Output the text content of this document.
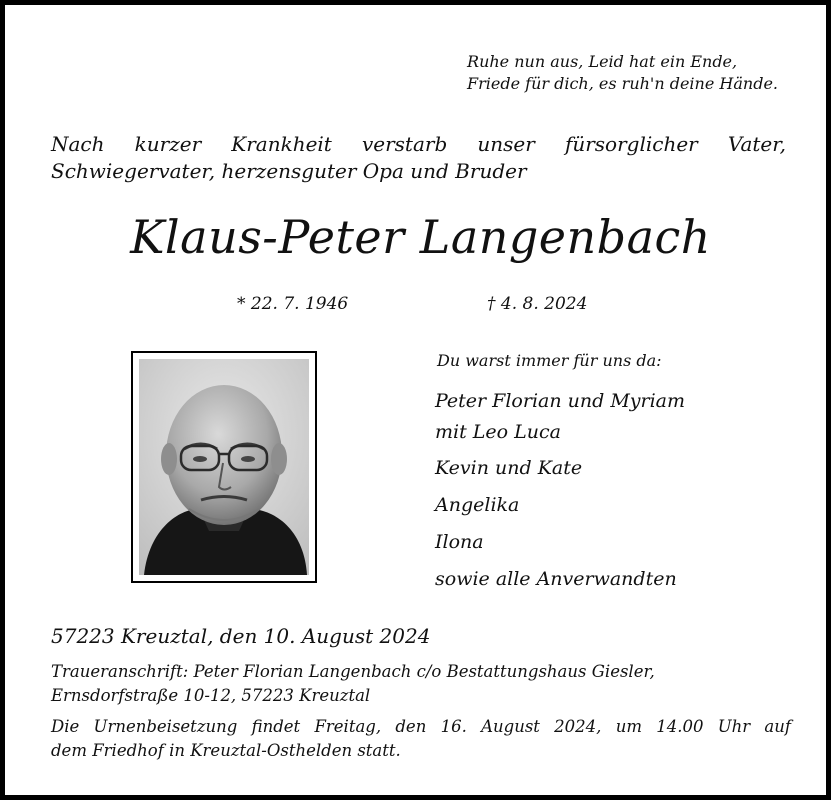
Ruhe nun aus, Leid hat ein Ende,
Friede für dich, es ruh'n deine Hände.
Nach kurzer Krankheit verstarb unser fürsorglicher Vater,
Schwiegervater, herzensguter Opa und Bruder
Klaus-Peter Langenbach
* 22. 7. 1946	† 4. 8. 2024
Du warst immer für uns da:
Peter Florian und Myriam
mit Leo Luca
Kevin und Kate
Angelika
Ilona
sowie alle Anverwandten
57223 Kreuztal, den 10. August 2024
Traueranschrift: Peter Florian Langenbach c/o Bestattungshaus Giesler,
Ernsdorfstraße 10-12, 57223 Kreuztal
Die Urnenbeisetzung findet Freitag, den 16. August 2024, um 14.00 Uhr auf
dem Friedhof in Kreuztal-Osthelden statt.
